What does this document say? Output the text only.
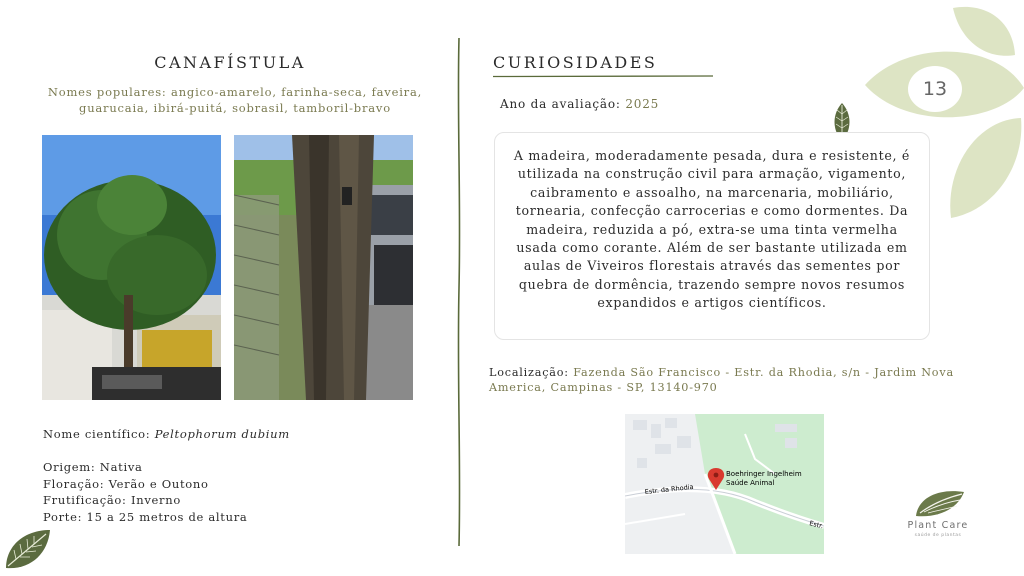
13
CANAFÍSTULA
Nomes populares: angico-amarelo, farinha-seca, faveira, guarucaia, ibirá-puitá, sobrasil, tamboril-bravo
Nome científico: Peltophorum dubium
Origem: Nativa
Floração: Verão e Outono
Frutificação: Inverno
Porte: 15 a 25 metros de altura
CURIOSIDADES
Ano da avaliação: 2025

A madeira, moderadamente pesada, dura e resistente, é utilizada na construção civil para armação, vigamento, caibramento e assoalho, na marcenaria, mobiliário, torneari‌a, confecção carrocerias e como dormentes. Da madeira, reduzida a pó, extra-se uma tinta vermelha usada como corante. Além de ser bastante utilizada em aulas de Viveiros florestais através das sementes por quebra de dormência, trazendo sempre novos resumos expandidos e artigos científicos.

Localização: Fazenda São Francisco - Estr. da Rhodia, s/n - Jardim Nova America, Campinas - SP, 13140-970
Estr. da Rhodia
Estr.
Boehringer Ingelheim
Saúde Animal
Plant Care
saúde de plantas
